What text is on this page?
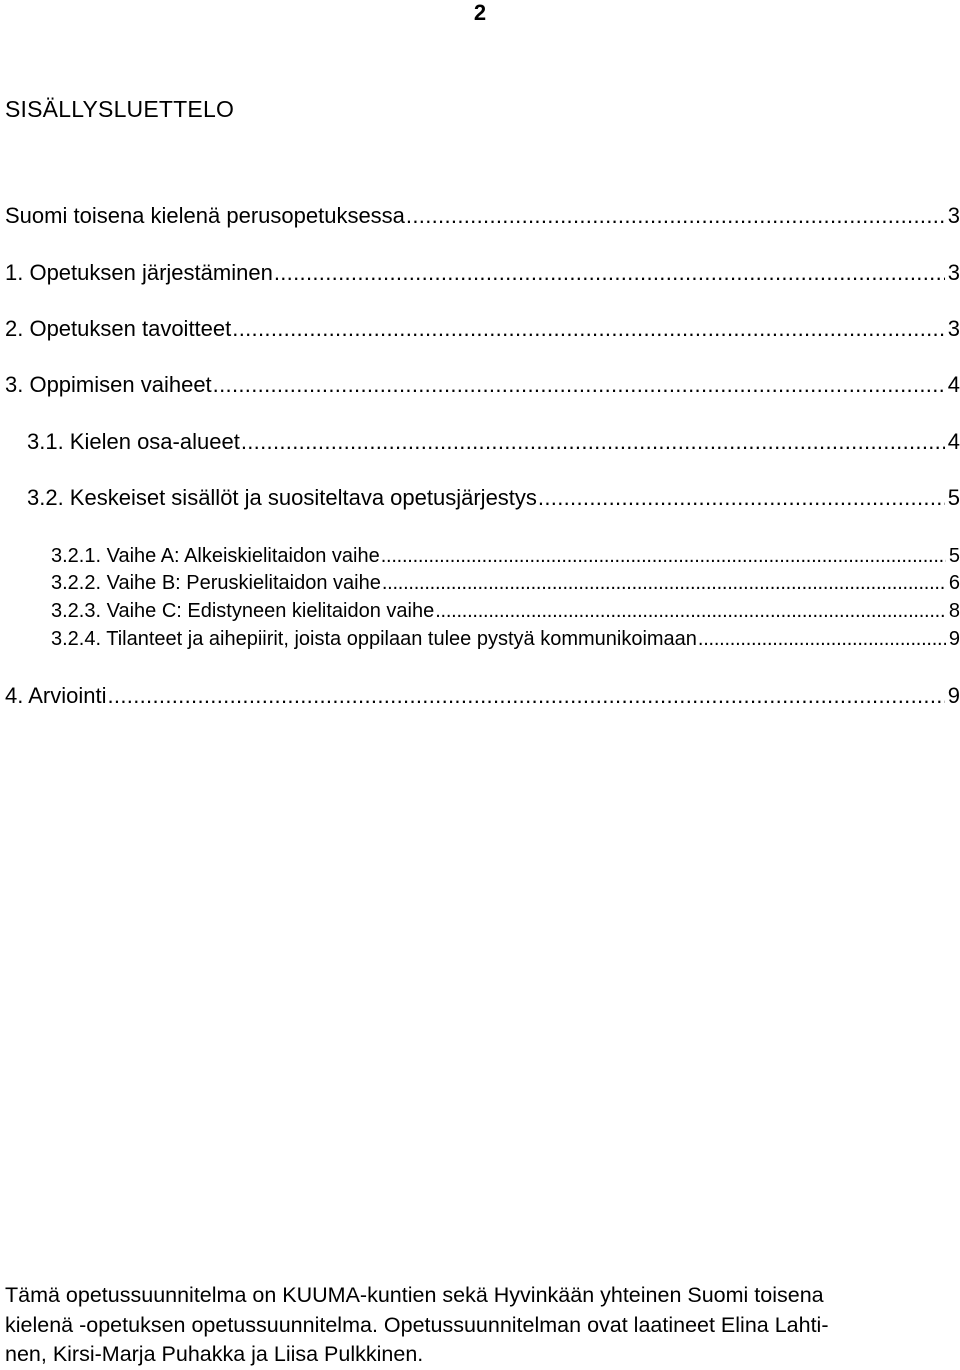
2
SISÄLLYSLUETTELO
Suomi toisena kielenä perusopetuksessa . . .	3
1. Opetuksen järjestäminen . . .	3
2. Opetuksen tavoitteet . . .	3
3. Oppimisen vaiheet . . .	4
3.1. Kielen osa-alueet . . .	4
3.2. Keskeiset sisällöt ja suositeltava opetusjärjestys . . .	5
3.2.1. Vaihe A: Alkeiskielitaidon vaihe . . .	5
3.2.2. Vaihe B: Peruskielitaidon vaihe . . .	6
3.2.3. Vaihe C: Edistyneen kielitaidon vaihe . . .	8
3.2.4. Tilanteet ja aihepiirit, joista oppilaan tulee pystyä kommunikoimaan . . .	9
4. Arviointi . . .	9
Tämä opetussuunnitelma on KUUMA-kuntien sekä Hyvinkään yhteinen Suomi toisena
kielenä -opetuksen opetussuunnitelma. Opetussuunnitelman ovat laatineet Elina Lahti-
nen, Kirsi-Marja Puhakka ja Liisa Pulkkinen.
